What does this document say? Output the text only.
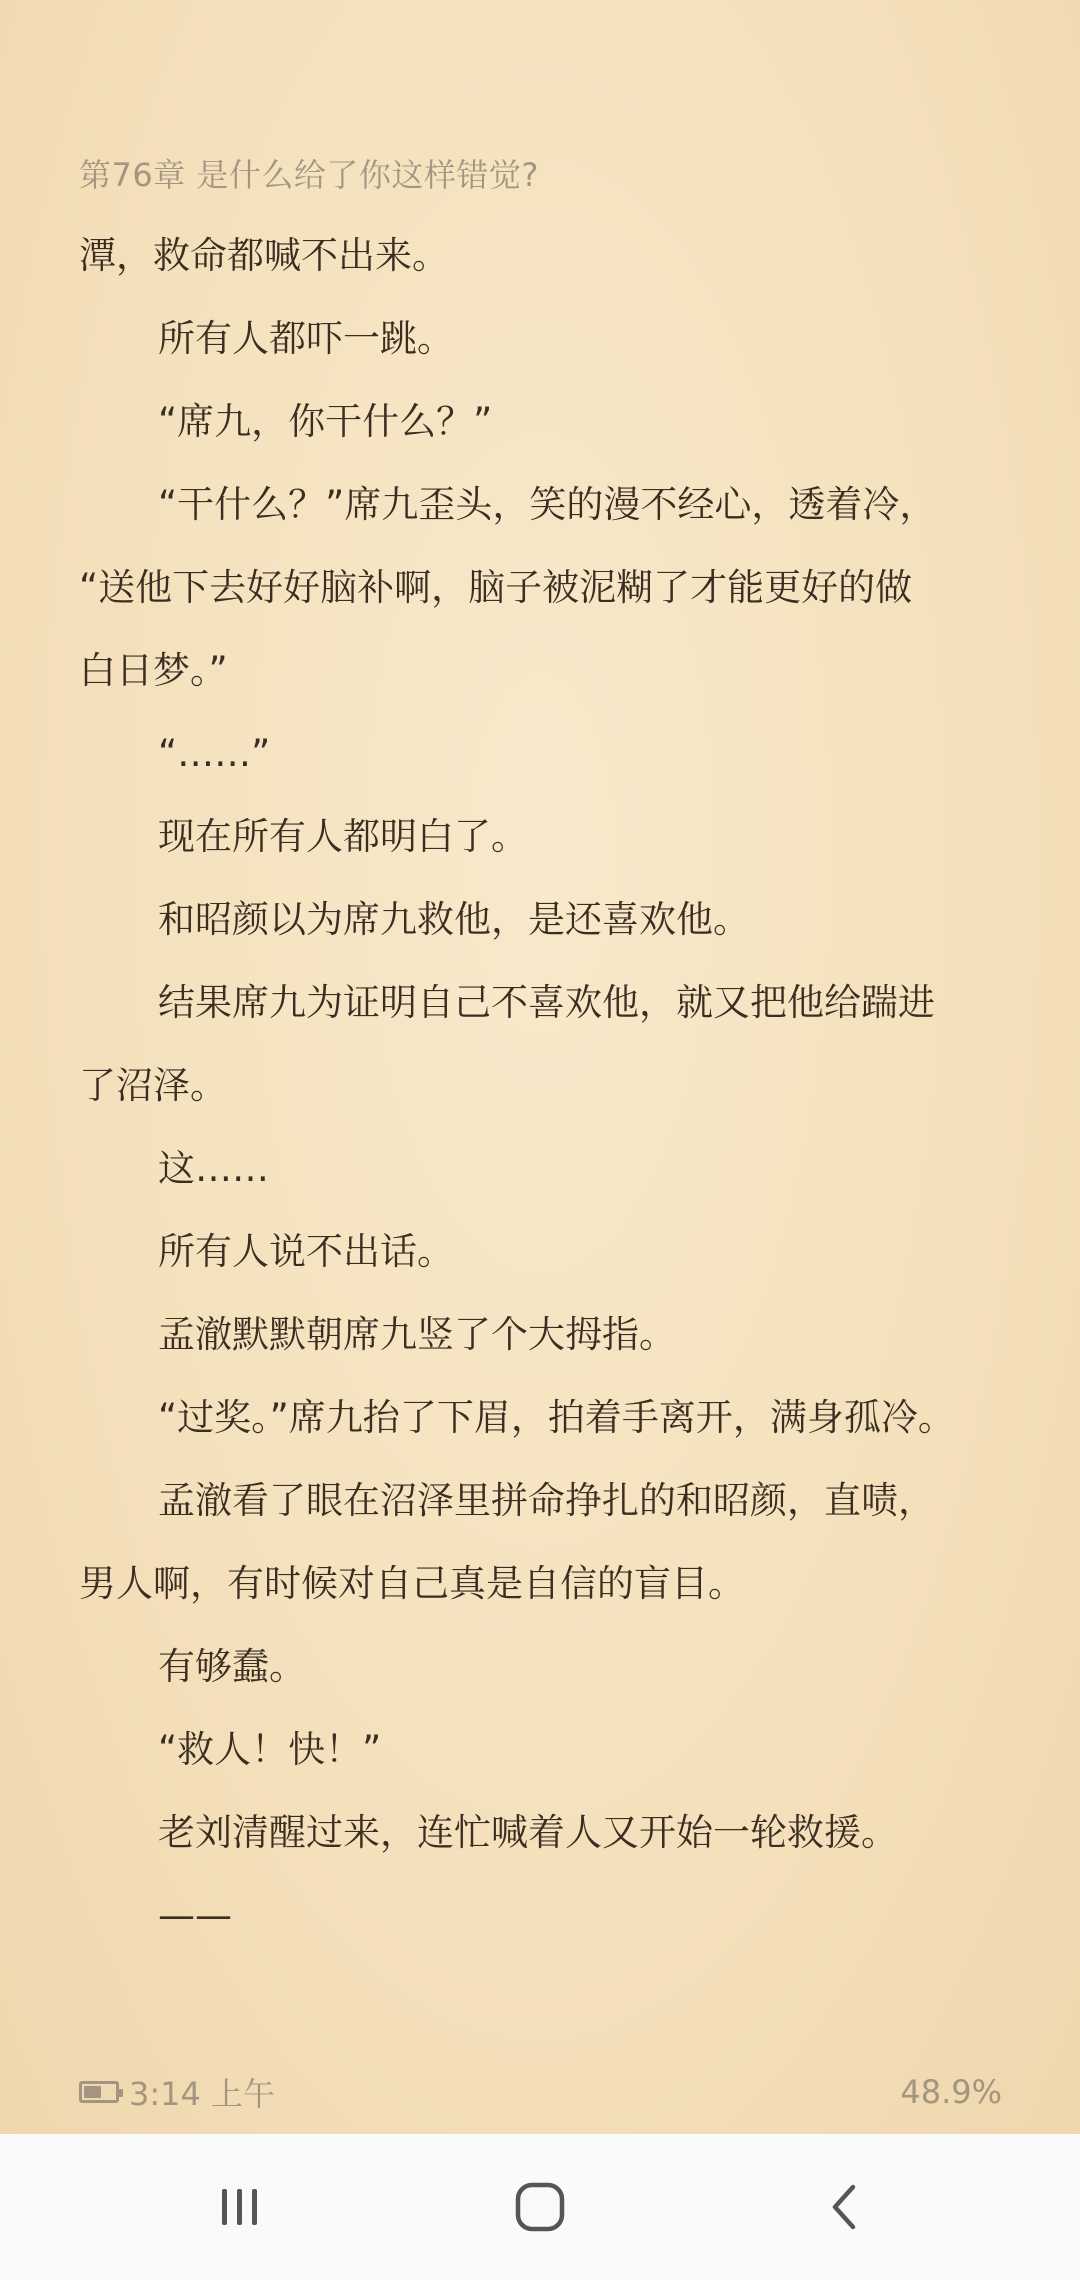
第76章 是什么给了你这样错觉?

潭，救命都喊不出来。

所有人都吓一跳。

“席九，你干什么？”

“干什么？”席九歪头，笑的漫不经心，透着冷，

“送他下去好好脑补啊，脑子被泥糊了才能更好的做

白日梦。”

“……”

现在所有人都明白了。

和昭颜以为席九救他，是还喜欢他。

结果席九为证明自己不喜欢他，就又把他给踹进

了沼泽。

这……

所有人说不出话。

孟澈默默朝席九竖了个大拇指。

“过奖。”席九抬了下眉，拍着手离开，满身孤冷。

孟澈看了眼在沼泽里拼命挣扎的和昭颜，直啧，

男人啊，有时候对自己真是自信的盲目。

有够蠢。

“救人！快！”

老刘清醒过来，连忙喊着人又开始一轮救援。

——

3:14 上午	48.9%
